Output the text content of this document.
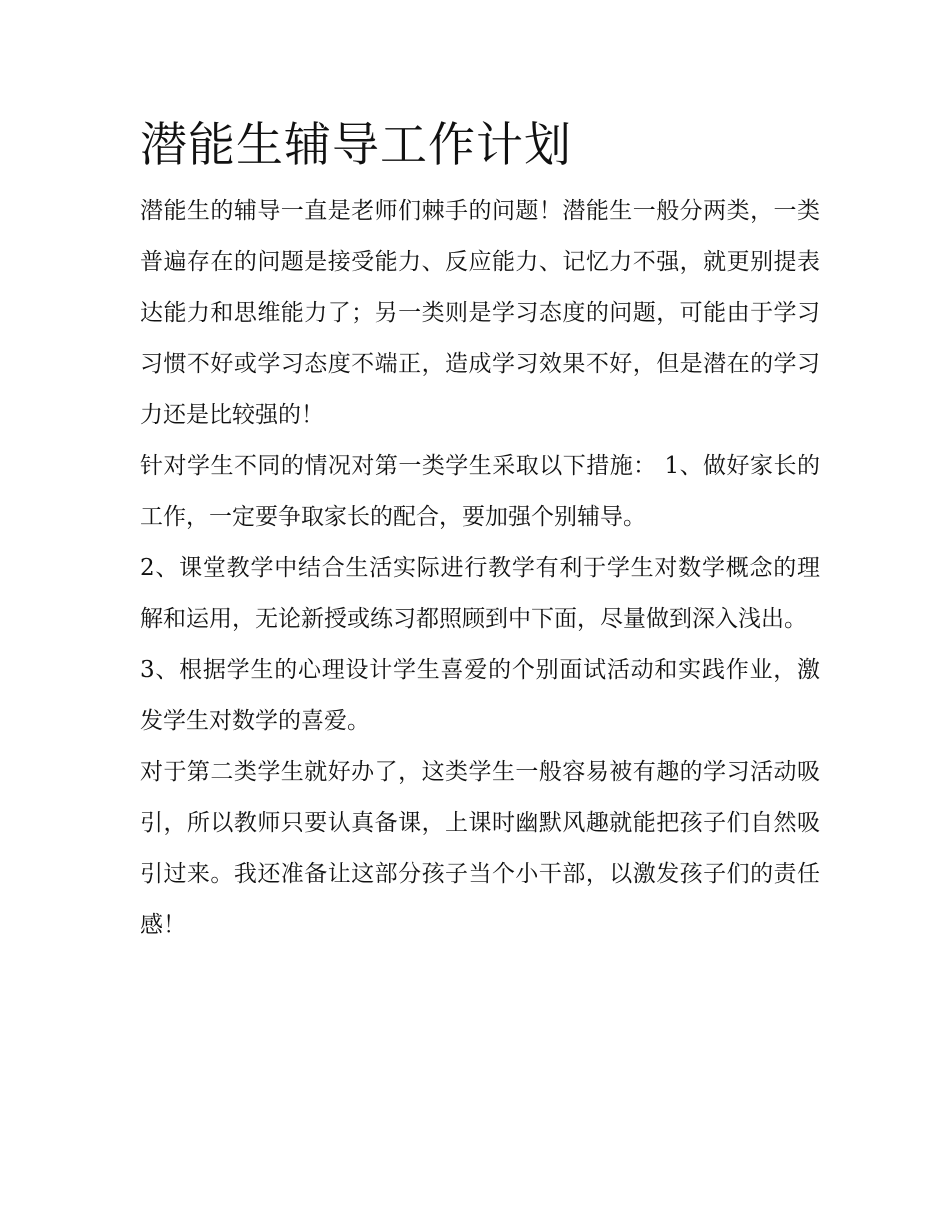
潜能生辅导工作计划

潜能生的辅导一直是老师们棘手的问题！潜能生一般分两类，一类普遍存在的问题是接受能力、反应能力、记忆力不强，就更别提表达能力和思维能力了；另一类则是学习态度的问题，可能由于学习习惯不好或学习态度不端正，造成学习效果不好，但是潜在的学习力还是比较强的！

针对学生不同的情况对第一类学生采取以下措施： 1、做好家长的工作，一定要争取家长的配合，要加强个别辅导。

2、课堂教学中结合生活实际进行教学有利于学生对数学概念的理解和运用，无论新授或练习都照顾到中下面，尽量做到深入浅出。

3、根据学生的心理设计学生喜爱的个别面试活动和实践作业，激发学生对数学的喜爱。

对于第二类学生就好办了，这类学生一般容易被有趣的学习活动吸引，所以教师只要认真备课，上课时幽默风趣就能把孩子们自然吸引过来。我还准备让这部分孩子当个小干部，以激发孩子们的责任感！
